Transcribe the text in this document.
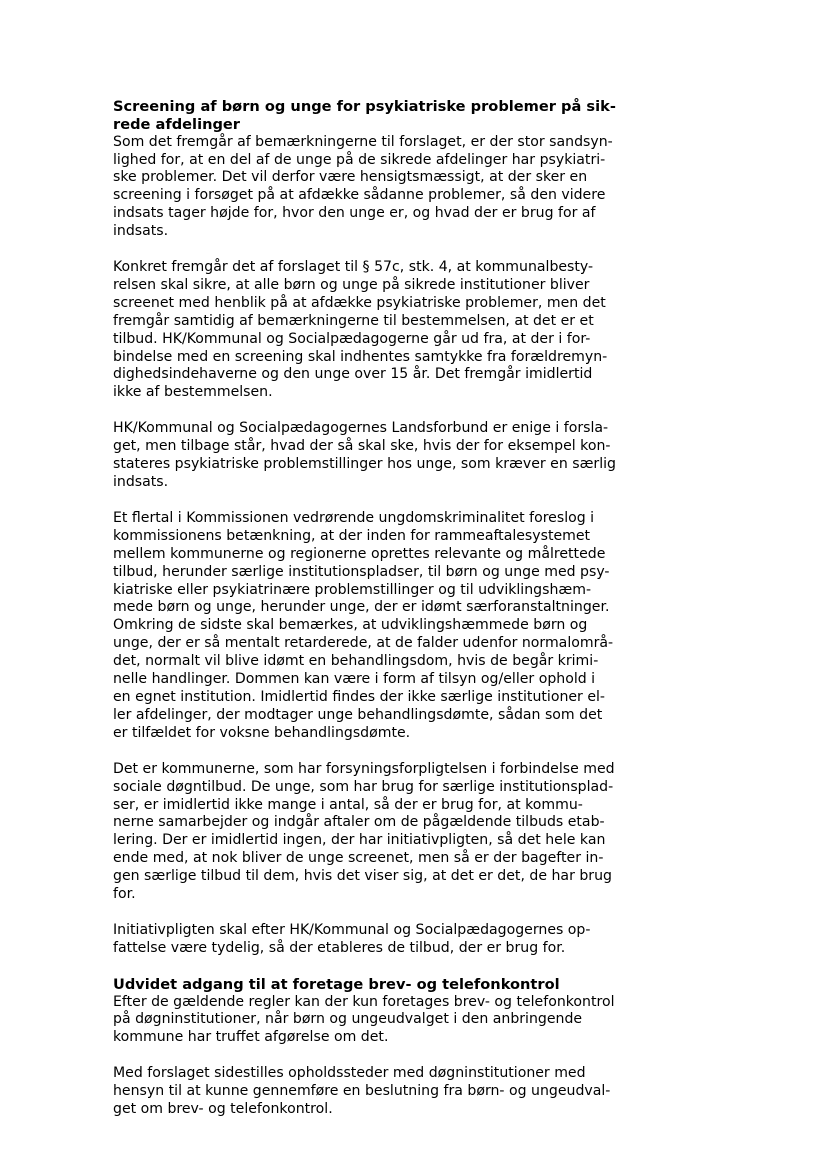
Screening af børn og unge for psykiatriske problemer på sik-
rede afdelinger

Som det fremgår af bemærkningerne til forslaget, er der stor sandsyn-
lighed for, at en del af de unge på de sikrede afdelinger har psykiatri-
ske problemer. Det vil derfor være hensigtsmæssigt, at der sker en
screening i forsøget på at afdække sådanne problemer, så den videre
indsats tager højde for, hvor den unge er, og hvad der er brug for af
indsats.

Konkret fremgår det af forslaget til § 57c, stk. 4, at kommunalbesty-
relsen skal sikre, at alle børn og unge på sikrede institutioner bliver
screenet med henblik på at afdække psykiatriske problemer, men det
fremgår samtidig af bemærkningerne til bestemmelsen, at det er et
tilbud. HK/Kommunal og Socialpædagogerne går ud fra, at der i for-
bindelse med en screening skal indhentes samtykke fra forældremyn-
dighedsindehaverne og den unge over 15 år. Det fremgår imidlertid
ikke af bestemmelsen.

HK/Kommunal og Socialpædagogernes Landsforbund er enige i forsla-
get, men tilbage står, hvad der så skal ske, hvis der for eksempel kon-
stateres psykiatriske problemstillinger hos unge, som kræver en særlig
indsats.

Et flertal i Kommissionen vedrørende ungdomskriminalitet foreslog i
kommissionens betænkning, at der inden for rammeaftalesystemet
mellem kommunerne og regionerne oprettes relevante og målrettede
tilbud, herunder særlige institutionspladser, til børn og unge med psy-
kiatriske eller psykiatrinære problemstillinger og til udviklingshæm-
mede børn og unge, herunder unge, der er idømt særforanstaltninger.
Omkring de sidste skal bemærkes, at udviklingshæmmede børn og
unge, der er så mentalt retarderede, at de falder udenfor normalområ-
det, normalt vil blive idømt en behandlingsdom, hvis de begår krimi-
nelle handlinger. Dommen kan være i form af tilsyn og/eller ophold i
en egnet institution. Imidlertid findes der ikke særlige institutioner el-
ler afdelinger, der modtager unge behandlingsdømte, sådan som det
er tilfældet for voksne behandlingsdømte.

Det er kommunerne, som har forsyningsforpligtelsen i forbindelse med
sociale døgntilbud. De unge, som har brug for særlige institutionsplad-
ser, er imidlertid ikke mange i antal, så der er brug for, at kommu-
nerne samarbejder og indgår aftaler om de pågældende tilbuds etab-
lering. Der er imidlertid ingen, der har initiativpligten, så det hele kan
ende med, at nok bliver de unge screenet, men så er der bagefter in-
gen særlige tilbud til dem, hvis det viser sig, at det er det, de har brug
for.

Initiativpligten skal efter HK/Kommunal og Socialpædagogernes op-
fattelse være tydelig, så der etableres de tilbud, der er brug for.

Udvidet adgang til at foretage brev- og telefonkontrol

Efter de gældende regler kan der kun foretages brev- og telefonkontrol
på døgninstitutioner, når børn og ungeudvalget i den anbringende
kommune har truffet afgørelse om det.

Med forslaget sidestilles opholdssteder med døgninstitutioner med
hensyn til at kunne gennemføre en beslutning fra børn- og ungeudval-
get om brev- og telefonkontrol.
